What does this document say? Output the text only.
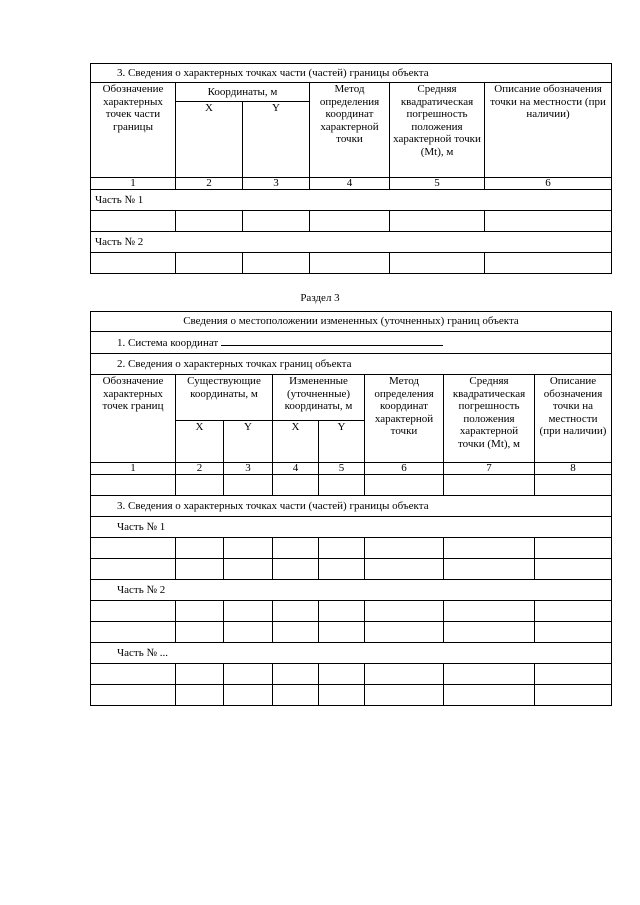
3. Сведения о характерных точках части (частей) границы объекта					
Обозначение характерных точек части границы	Координаты, м		Метод определения координат характерной точки	Средняя квадратическая погрешность положения характерной точки (Mt), м	Описание обозначения точки на местности (при наличии)
	X	Y			
1	2	3	4	5	6
Часть № 1					

Часть № 2					

Раздел 3
Сведения о местоположении измененных (уточненных) границ объекта							
1. Система координат							
2. Сведения о характерных точках границ объекта							
Обозначение характерных точек границ	Существующие координаты, м		Измененные (уточненные) координаты, м		Метод определения координат характерной точки	Средняя квадратическая погрешность положения характерной точки (Mt), м	Описание обозначения точки на местности (при наличии)
	X	Y	X	Y			
1	2	3	4	5	6	7	8

3. Сведения о характерных точках части (частей) границы объекта							
Часть № 1							

Часть № 2							

Часть № ...							
